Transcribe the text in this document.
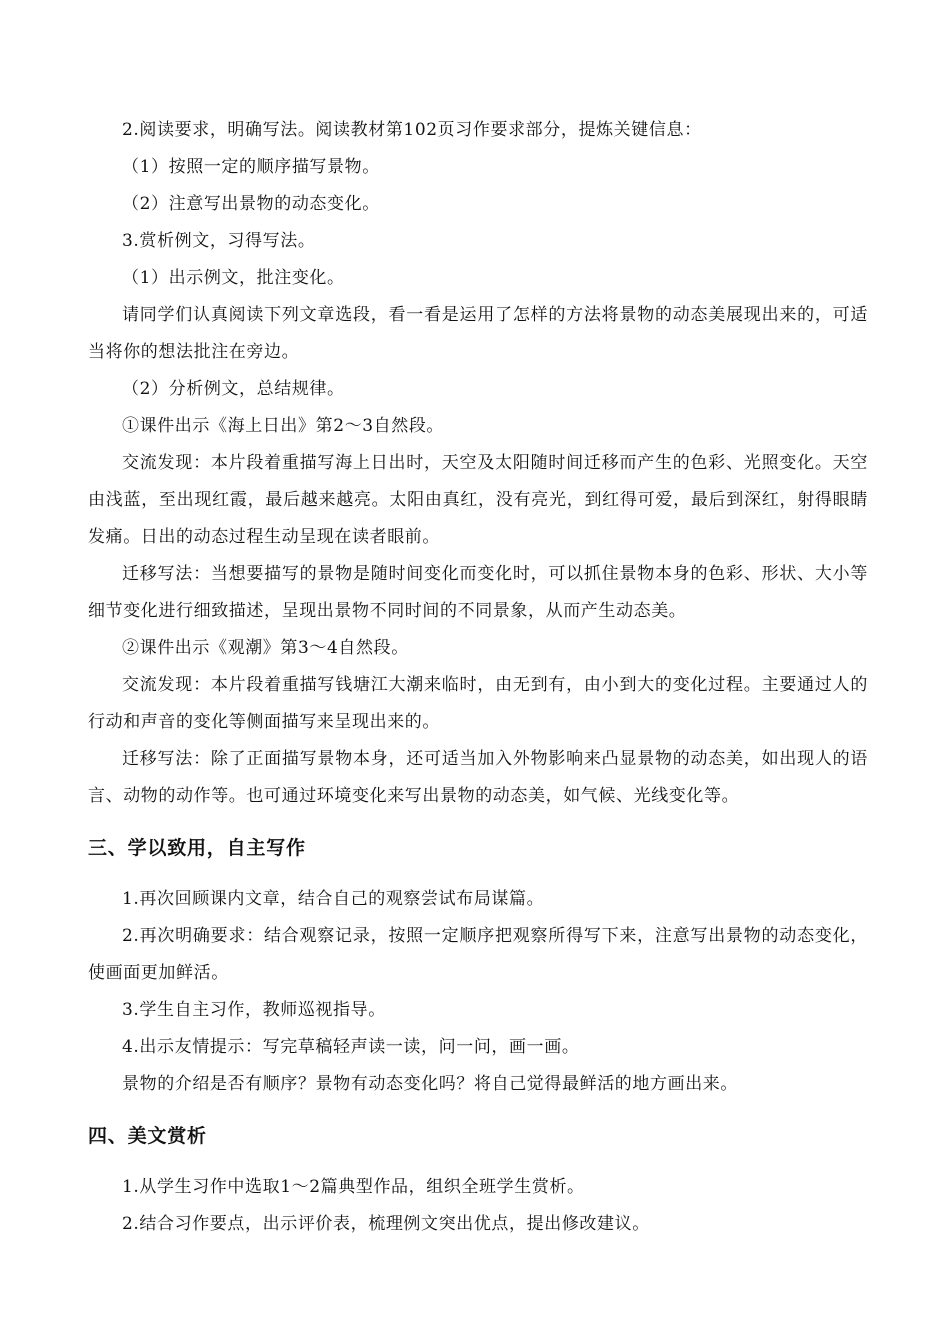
2.阅读要求，明确写法。阅读教材第102页习作要求部分，提炼关键信息：

（1）按照一定的顺序描写景物。

（2）注意写出景物的动态变化。

3.赏析例文，习得写法。

（1）出示例文，批注变化。

请同学们认真阅读下列文章选段，看一看是运用了怎样的方法将景物的动态美展现出来的，可适当将你的想法批注在旁边。

（2）分析例文，总结规律。

①课件出示《海上日出》第2～3自然段。

交流发现：本片段着重描写海上日出时，天空及太阳随时间迁移而产生的色彩、光照变化。天空由浅蓝，至出现红霞，最后越来越亮。太阳由真红，没有亮光，到红得可爱，最后到深红，射得眼睛发痛。日出的动态过程生动呈现在读者眼前。

迁移写法：当想要描写的景物是随时间变化而变化时，可以抓住景物本身的色彩、形状、大小等细节变化进行细致描述，呈现出景物不同时间的不同景象，从而产生动态美。

②课件出示《观潮》第3～4自然段。

交流发现：本片段着重描写钱塘江大潮来临时，由无到有，由小到大的变化过程。主要通过人的行动和声音的变化等侧面描写来呈现出来的。

迁移写法：除了正面描写景物本身，还可适当加入外物影响来凸显景物的动态美，如出现人的语言、动物的动作等。也可通过环境变化来写出景物的动态美，如气候、光线变化等。

三、学以致用，自主写作

1.再次回顾课内文章，结合自己的观察尝试布局谋篇。

2.再次明确要求：结合观察记录，按照一定顺序把观察所得写下来，注意写出景物的动态变化，使画面更加鲜活。

3.学生自主习作，教师巡视指导。

4.出示友情提示：写完草稿轻声读一读，问一问，画一画。

景物的介绍是否有顺序？景物有动态变化吗？将自己觉得最鲜活的地方画出来。

四、美文赏析

1.从学生习作中选取1～2篇典型作品，组织全班学生赏析。

2.结合习作要点，出示评价表，梳理例文突出优点，提出修改建议。
